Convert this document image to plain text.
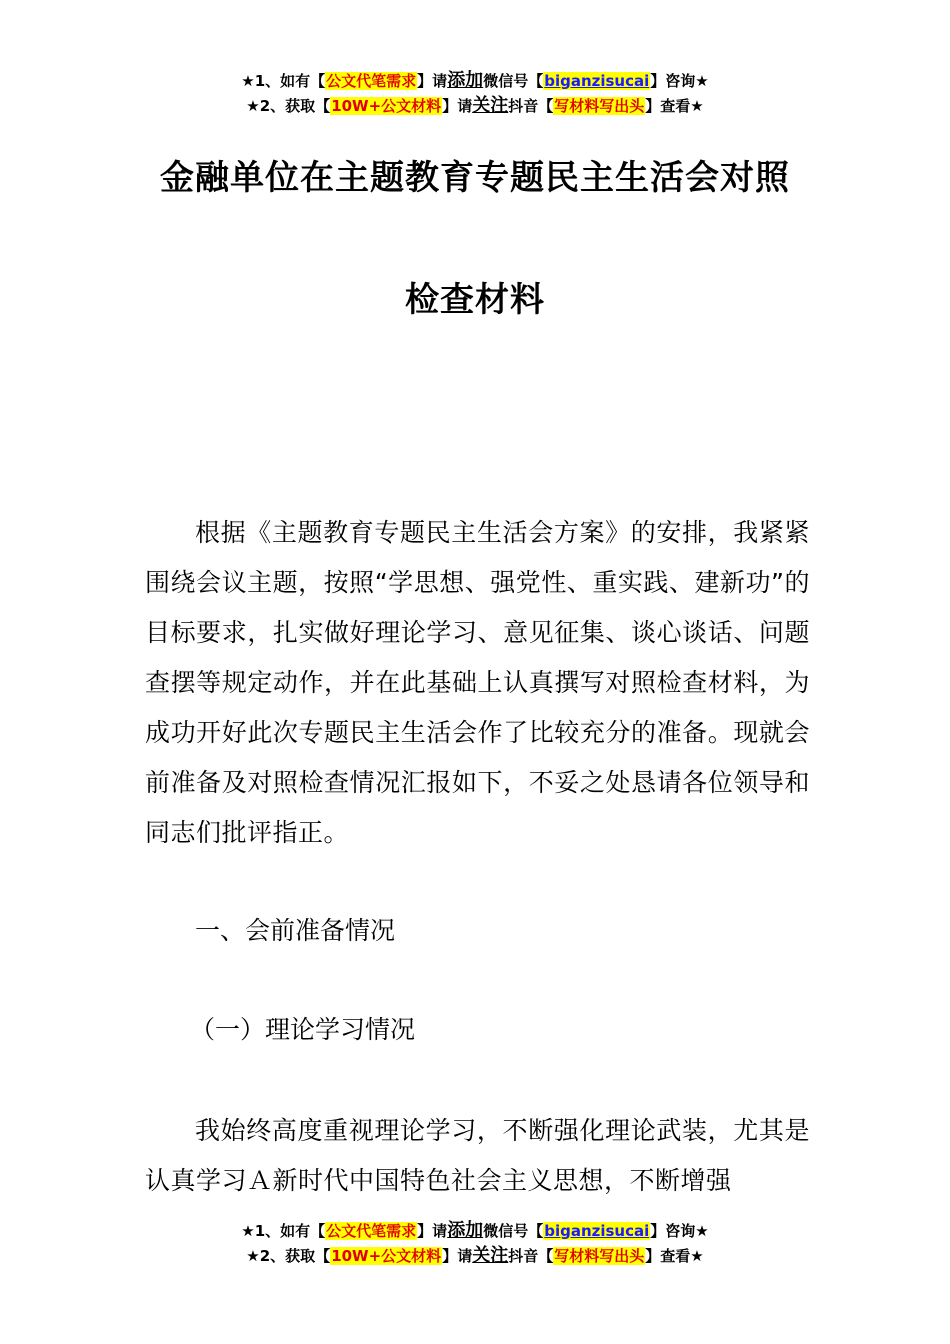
★1、如有【公文代笔需求】请添加微信号【biganzisucai】咨询★
★2、获取【10W+公文材料】请关注抖音【写材料写出头】查看★
金融单位在主题教育专题民主生活会对照
检查材料

根据《主题教育专题民主生活会方案》的安排，我紧紧围绕会议主题，按照“学思想、强党性、重实践、建新功”的目标要求，扎实做好理论学习、意见征集、谈心谈话、问题查摆等规定动作，并在此基础上认真撰写对照检查材料，为成功开好此次专题民主生活会作了比较充分的准备。现就会前准备及对照检查情况汇报如下，不妥之处恳请各位领导和同志们批评指正。

一、会前准备情况
（一）理论学习情况

我始终高度重视理论学习，不断强化理论武装，尤其是认真学习Ａ新时代中国特色社会主义思想，不断增强

★1、如有【公文代笔需求】请添加微信号【biganzisucai】咨询★
★2、获取【10W+公文材料】请关注抖音【写材料写出头】查看★
